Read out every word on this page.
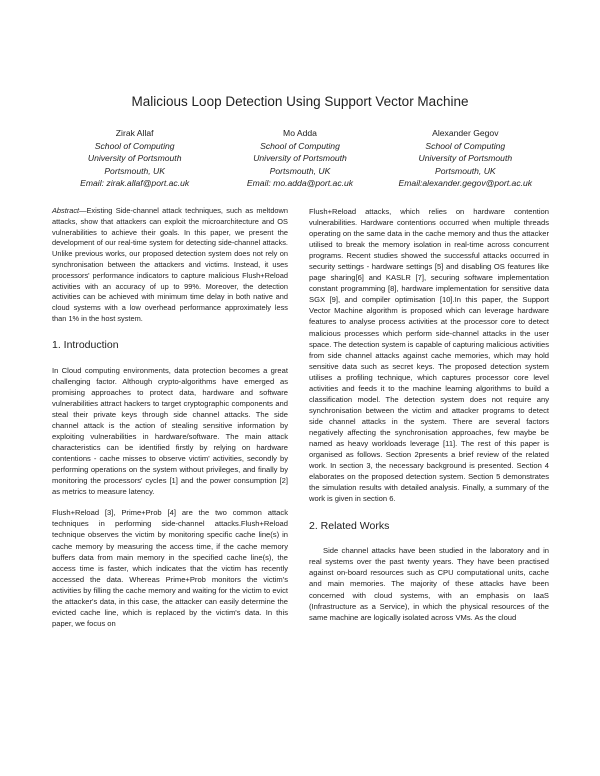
Malicious Loop Detection Using Support Vector Machine
Zirak Allaf
School of Computing
University of Portsmouth
Portsmouth, UK
Email: zirak.allaf@port.ac.uk
Mo Adda
School of Computing
University of Portsmouth
Portsmouth, UK
Email: mo.adda@port.ac.uk
Alexander Gegov
School of Computing
University of Portsmouth
Portsmouth, UK
Email:alexander.gegov@port.ac.uk

Abstract—Existing Side-channel attack techniques, such as meltdown attacks, show that attackers can exploit the microarchitecture and OS vulnerabilities to achieve their goals. In this paper, we present the development of our real-time system for detecting side-channel attacks. Unlike previous works, our proposed detection system does not rely on synchronisation between the attackers and victims. Instead, it uses processors' performance indicators to capture malicious Flush+Reload activities with an accuracy of up to 99%. Moreover, the detection activities can be achieved with minimum time delay in both native and cloud systems with a low overhead performance approximately less than 1% in the host system.

1. Introduction

In Cloud computing environments, data protection becomes a great challenging factor. Although crypto-algorithms have emerged as promising approaches to protect data, hardware and software vulnerabilities attract hackers to target cryptographic components and steal their private keys through side channel attacks. The side channel attack is the action of stealing sensitive information by exploiting vulnerabilities in hardware/software. The main attack characteristics can be identified firstly by relying on hardware contentions - cache misses to observe victim' activities, secondly by performing operations on the system without privileges, and finally by monitoring the processors' cycles [1] and the power consumption [2] as metrics to measure latency.

Flush+Reload [3], Prime+Prob [4] are the two common attack techniques in performing side-channel attacks.Flush+Reload technique observes the victim by monitoring specific cache line(s) in cache memory by measuring the access time, if the cache memory buffers data from main memory in the specified cache line(s), the access time is faster, which indicates that the victim has recently accessed the data. Whereas Prime+Prob monitors the victim's activities by filling the cache memory and waiting for the victim to evict the attacker's data, in this case, the attacker can easily determine the evicted cache line, which is replaced by the victim's data. In this paper, we focus on

Flush+Reload attacks, which relies on hardware contention vulnerabilities. Hardware contentions occurred when multiple threads operating on the same data in the cache memory and thus the attacker utilised to break the memory isolation in real-time across concurrent programs. Recent studies showed the successful attacks occurred in security settings - hardware settings [5] and disabling OS features like page sharing[6] and KASLR [7], securing software implementation constant programming [8], hardware implementation for sensitive data SGX [9], and compiler optimisation [10].In this paper, the Support Vector Machine algorithm is proposed which can leverage hardware features to analyse process activities at the processor core to detect malicious processes which perform side-channel attacks in the user space. The detection system is capable of capturing malicious activities from side channel attacks against cache memories, which may hold sensitive data such as secret keys. The proposed detection system utilises a profiling technique, which captures processor core level activities and feeds it to the machine learning algorithms to build a classification model. The detection system does not require any synchronisation between the victim and attacker programs to detect side channel attacks in the system. There are several factors negatively affecting the synchronisation approaches, few maybe be named as heavy workloads leverage [11]. The rest of this paper is organised as follows. Section 2presents a brief review of the related work. In section 3, the necessary background is presented. Section 4 elaborates on the proposed detection system. Section 5 demonstrates the simulation results with detailed analysis. Finally, a summary of the work is given in section 6.

2. Related Works

Side channel attacks have been studied in the laboratory and in real systems over the past twenty years. They have been practised against on-board resources such as CPU computational units, cache and main memories. The majority of these attacks have been concerned with cloud systems, with an emphasis on IaaS (Infrastructure as a Service), in which the physical resources of the same machine are logically isolated across VMs. As the cloud
